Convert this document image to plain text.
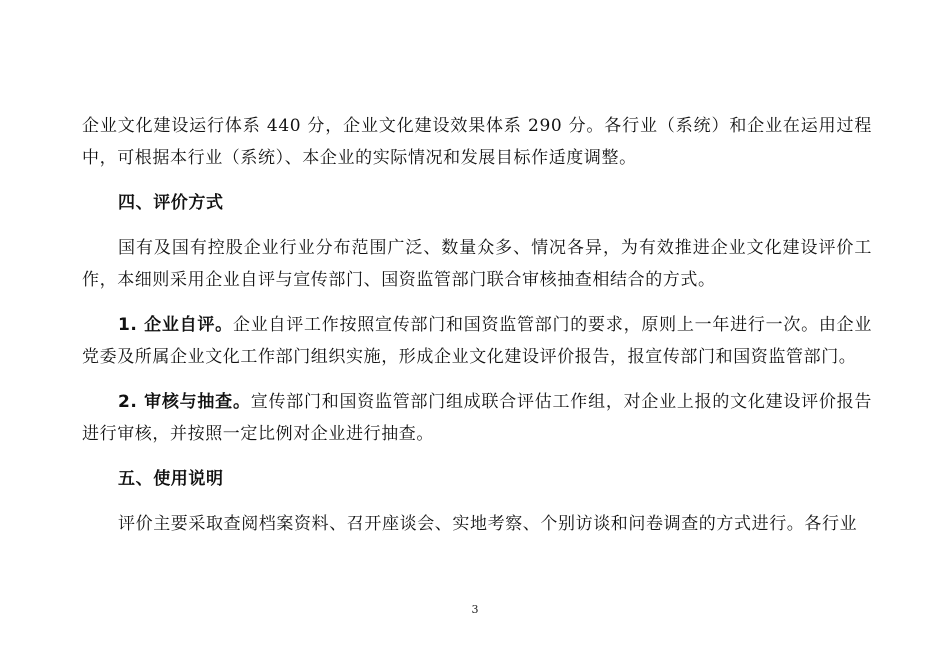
企业文化建设运行体系 440 分，企业文化建设效果体系 290 分。各行业（系统）和企业在运用过程中，可根据本行业（系统）、本企业的实际情况和发展目标作适度调整。

四、评价方式

国有及国有控股企业行业分布范围广泛、数量众多、情况各异，为有效推进企业文化建设评价工作，本细则采用企业自评与宣传部门、国资监管部门联合审核抽查相结合的方式。

1. 企业自评。企业自评工作按照宣传部门和国资监管部门的要求，原则上一年进行一次。由企业党委及所属企业文化工作部门组织实施，形成企业文化建设评价报告，报宣传部门和国资监管部门。

2. 审核与抽查。宣传部门和国资监管部门组成联合评估工作组，对企业上报的文化建设评价报告进行审核，并按照一定比例对企业进行抽查。

五、使用说明

评价主要采取查阅档案资料、召开座谈会、实地考察、个别访谈和问卷调查的方式进行。各行业

3
